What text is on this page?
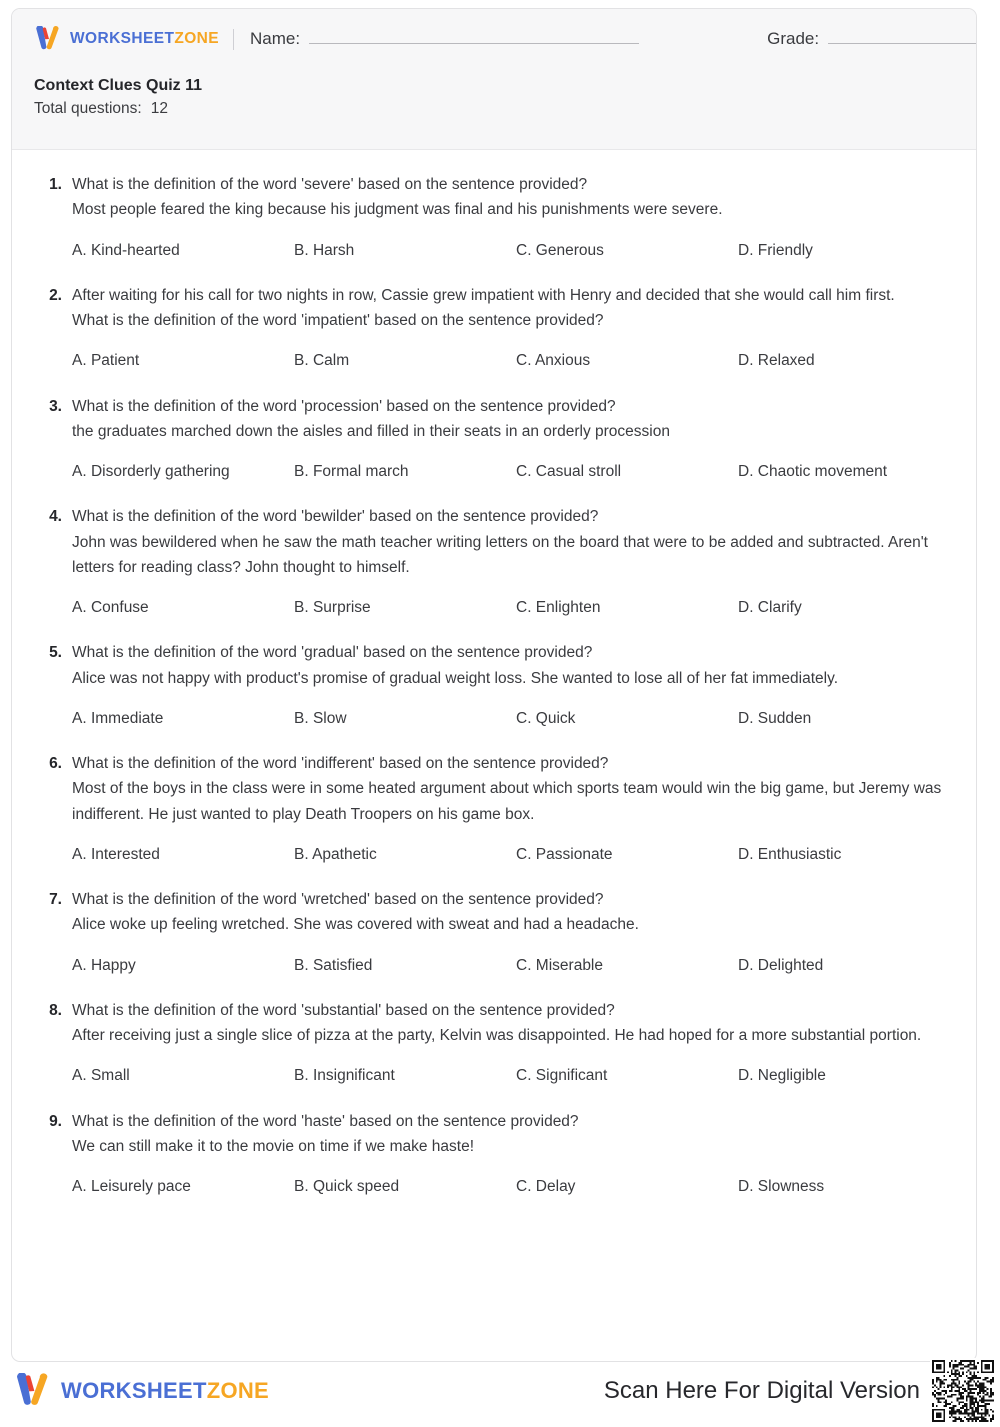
WORKSHEETZONE Name:	Grade:

Context Clues Quiz 11

Total questions: 12

1. What is the definition of the word 'severe' based on the sentence provided?

Most people feared the king because his judgment was final and his punishments were severe.

A. Kind-hearted	B. Harsh	C. Generous	D. Friendly
2. After waiting for his call for two nights in row, Cassie grew impatient with Henry and decided that she would call him first.

What is the definition of the word 'impatient' based on the sentence provided?

A. Patient	B. Calm	C. Anxious	D. Relaxed
3. What is the definition of the word 'procession' based on the sentence provided?

the graduates marched down the aisles and filled in their seats in an orderly procession

A. Disorderly gathering	B. Formal march	C. Casual stroll	D. Chaotic movement
4. What is the definition of the word 'bewilder' based on the sentence provided?

John was bewildered when he saw the math teacher writing letters on the board that were to be added and subtracted. Aren't letters for reading class? John thought to himself.

A. Confuse	B. Surprise	C. Enlighten	D. Clarify
5. What is the definition of the word 'gradual' based on the sentence provided?

Alice was not happy with product's promise of gradual weight loss. She wanted to lose all of her fat immediately.

A. Immediate	B. Slow	C. Quick	D. Sudden
6. What is the definition of the word 'indifferent' based on the sentence provided?

Most of the boys in the class were in some heated argument about which sports team would win the big game, but Jeremy was indifferent. He just wanted to play Death Troopers on his game box.

A. Interested	B. Apathetic	C. Passionate	D. Enthusiastic
7. What is the definition of the word 'wretched' based on the sentence provided?

Alice woke up feeling wretched. She was covered with sweat and had a headache.

A. Happy	B. Satisfied	C. Miserable	D. Delighted
8. What is the definition of the word 'substantial' based on the sentence provided?

After receiving just a single slice of pizza at the party, Kelvin was disappointed. He had hoped for a more substantial portion.

A. Small	B. Insignificant	C. Significant	D. Negligible
9. What is the definition of the word 'haste' based on the sentence provided?

We can still make it to the movie on time if we make haste!

A. Leisurely pace	B. Quick speed	C. Delay	D. Slowness
WORKSHEETZONE	Scan Here For Digital Version
